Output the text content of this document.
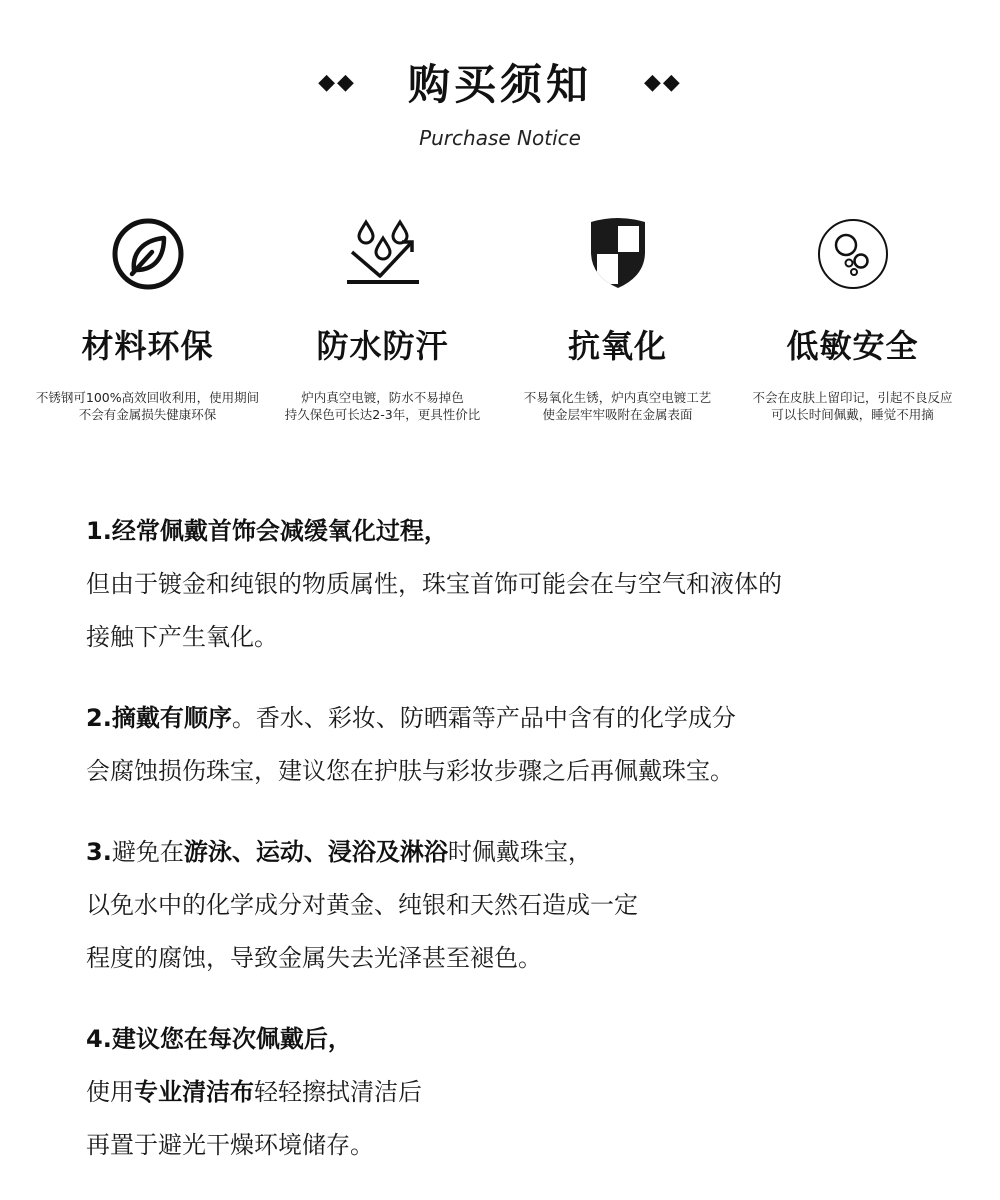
◆◆ 购买须知 ◆◆
Purchase Notice
材料环保
不锈钢可100%高效回收利用，使用期间
不会有金属损失健康环保
防水防汗
炉内真空电镀，防水不易掉色
持久保色可长达2-3年，更具性价比
抗氧化
不易氧化生锈，炉内真空电镀工艺
使金层牢牢吸附在金属表面
低敏安全
不会在皮肤上留印记，引起不良反应
可以长时间佩戴，睡觉不用摘
1.经常佩戴首饰会减缓氧化过程，
但由于镀金和纯银的物质属性，珠宝首饰可能会在与空气和液体的
接触下产生氧化。
2.摘戴有顺序。香水、彩妆、防晒霜等产品中含有的化学成分
会腐蚀损伤珠宝，建议您在护肤与彩妆步骤之后再佩戴珠宝。
3.避免在游泳、运动、浸浴及淋浴时佩戴珠宝，
以免水中的化学成分对黄金、纯银和天然石造成一定
程度的腐蚀，导致金属失去光泽甚至褪色。
4.建议您在每次佩戴后，
使用专业清洁布轻轻擦拭清洁后
再置于避光干燥环境储存。
